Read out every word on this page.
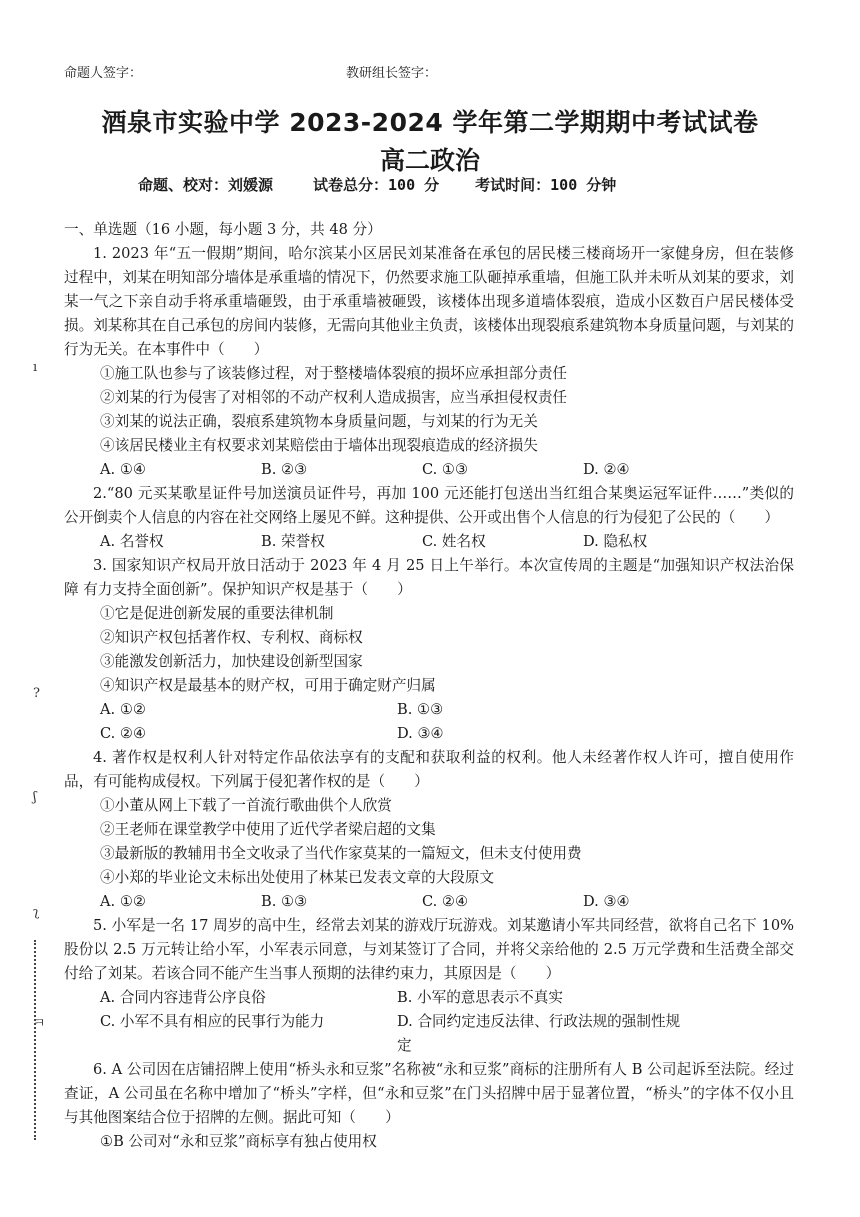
命题人签字：	教研组长签字：
酒泉市实验中学 2023-2024 学年第二学期期中考试试卷
高二政治
命题、校对：刘媛源	试卷总分：100 分 考试时间：100 分钟
ı
?
ʃ
ʅ
ㅋ
一、单选题（16 小题，每小题 3 分，共 48 分）
1. 2023 年“五一假期”期间，哈尔滨某小区居民刘某准备在承包的居民楼三楼商场开一家健身房，但在装修过程中，刘某在明知部分墙体是承重墙的情况下，仍然要求施工队砸掉承重墙，但施工队并未听从刘某的要求，刘某一气之下亲自动手将承重墙砸毁，由于承重墙被砸毁，该楼体出现多道墙体裂痕，造成小区数百户居民楼体受损。刘某称其在自己承包的房间内装修，无需向其他业主负责，该楼体出现裂痕系建筑物本身质量问题，与刘某的行为无关。在本事件中（　　）
①施工队也参与了该装修过程，对于整楼墙体裂痕的损坏应承担部分责任
②刘某的行为侵害了对相邻的不动产权利人造成损害，应当承担侵权责任
③刘某的说法正确，裂痕系建筑物本身质量问题，与刘某的行为无关
④该居民楼业主有权要求刘某赔偿由于墙体出现裂痕造成的经济损失
A. ①④	B. ②③	C. ①③	D. ②④
2.“80 元买某歌星证件号加送演员证件号，再加 100 元还能打包送出当红组合某奥运冠军证件……”类似的公开倒卖个人信息的内容在社交网络上屡见不鲜。这种提供、公开或出售个人信息的行为侵犯了公民的（　　）
A. 名誉权	B. 荣誉权	C. 姓名权	D. 隐私权
3. 国家知识产权局开放日活动于 2023 年 4 月 25 日上午举行。本次宣传周的主题是“加强知识产权法治保障 有力支持全面创新”。保护知识产权是基于（　　）
①它是促进创新发展的重要法律机制
②知识产权包括著作权、专利权、商标权
③能激发创新活力，加快建设创新型国家
④知识产权是最基本的财产权，可用于确定财产归属
A. ①②	B. ①③
C. ②④	D. ③④
4. 著作权是权利人针对特定作品依法享有的支配和获取利益的权利。他人未经著作权人许可，擅自使用作品，有可能构成侵权。下列属于侵犯著作权的是（　　）
①小董从网上下载了一首流行歌曲供个人欣赏
②王老师在课堂教学中使用了近代学者梁启超的文集
③最新版的教辅用书全文收录了当代作家莫某的一篇短文，但未支付使用费
④小郑的毕业论文未标出处使用了林某已发表文章的大段原文
A. ①②	B. ①③	C. ②④	D. ③④
5. 小军是一名 17 周岁的高中生，经常去刘某的游戏厅玩游戏。刘某邀请小军共同经营，欲将自己名下 10%股份以 2.5 万元转让给小军，小军表示同意，与刘某签订了合同，并将父亲给他的 2.5 万元学费和生活费全部交付给了刘某。若该合同不能产生当事人预期的法律约束力，其原因是（　　）
A. 合同内容违背公序良俗	B. 小军的意思表示不真实
C. 小军不具有相应的民事行为能力	D. 合同约定违反法律、行政法规的强制性规定
6. A 公司因在店铺招牌上使用“桥头永和豆浆”名称被“永和豆浆”商标的注册所有人 B 公司起诉至法院。经过查证，A 公司虽在名称中增加了“桥头”字样，但“永和豆浆”在门头招牌中居于显著位置，“桥头”的字体不仅小且与其他图案结合位于招牌的左侧。据此可知（　　）
①B 公司对“永和豆浆”商标享有独占使用权
